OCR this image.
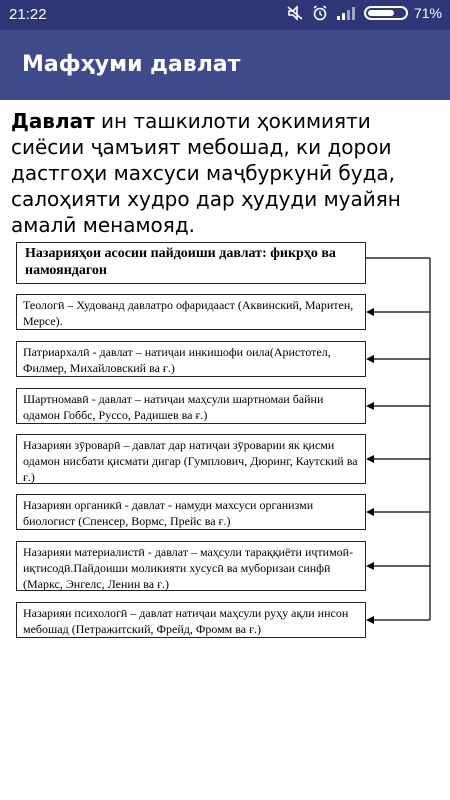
21:22	71%
Мафҳуми давлат
Давлат ин ташкилоти ҳокимияти сиёсии ҷамъият мебошад, ки дорои дастгоҳи махсуси маҷбуркунӣ буда, салоҳияти худро дар ҳудуди муайян амалӣ менамояд.
Назарияҳои асосии пайдоиши давлат: фикрҳо ва намояндагон
Теологӣ – Худованд давлатро офаридааст (Аквинский, Маритен, Мерсе).
Патриархалӣ - давлат – натиҷаи инкишофи оила(Аристотел, Филмер, Михайловский ва ғ.)
Шартномавӣ - давлат – натиҷаи маҳсули шартномаи байни одамон Гоббс, Руссо, Радишев ва ғ.)
Назарияи зӯроварӣ – давлат дар натиҷаи зӯроварии як қисми одамон нисбати қисмати дигар (Гумплович, Дюринг, Каутский ва ғ.)
Назарияи органикӣ - давлат - намуди махсуси организми биологист (Спенсер, Вормс, Прейс ва ғ.)
Назарияи материалистӣ - давлат – маҳсули тараққиёти иҷтимоӣ-иқтисодӣ.Пайдоиши моликияти хусусӣ ва муборизаи синфӣ (Маркс, Энгелс, Ленин ва ғ.)
Назарияи психологӣ – давлат натиҷаи маҳсули руҳу ақли инсон мебошад (Петражитский, Фрейд, Фромм ва ғ.)
